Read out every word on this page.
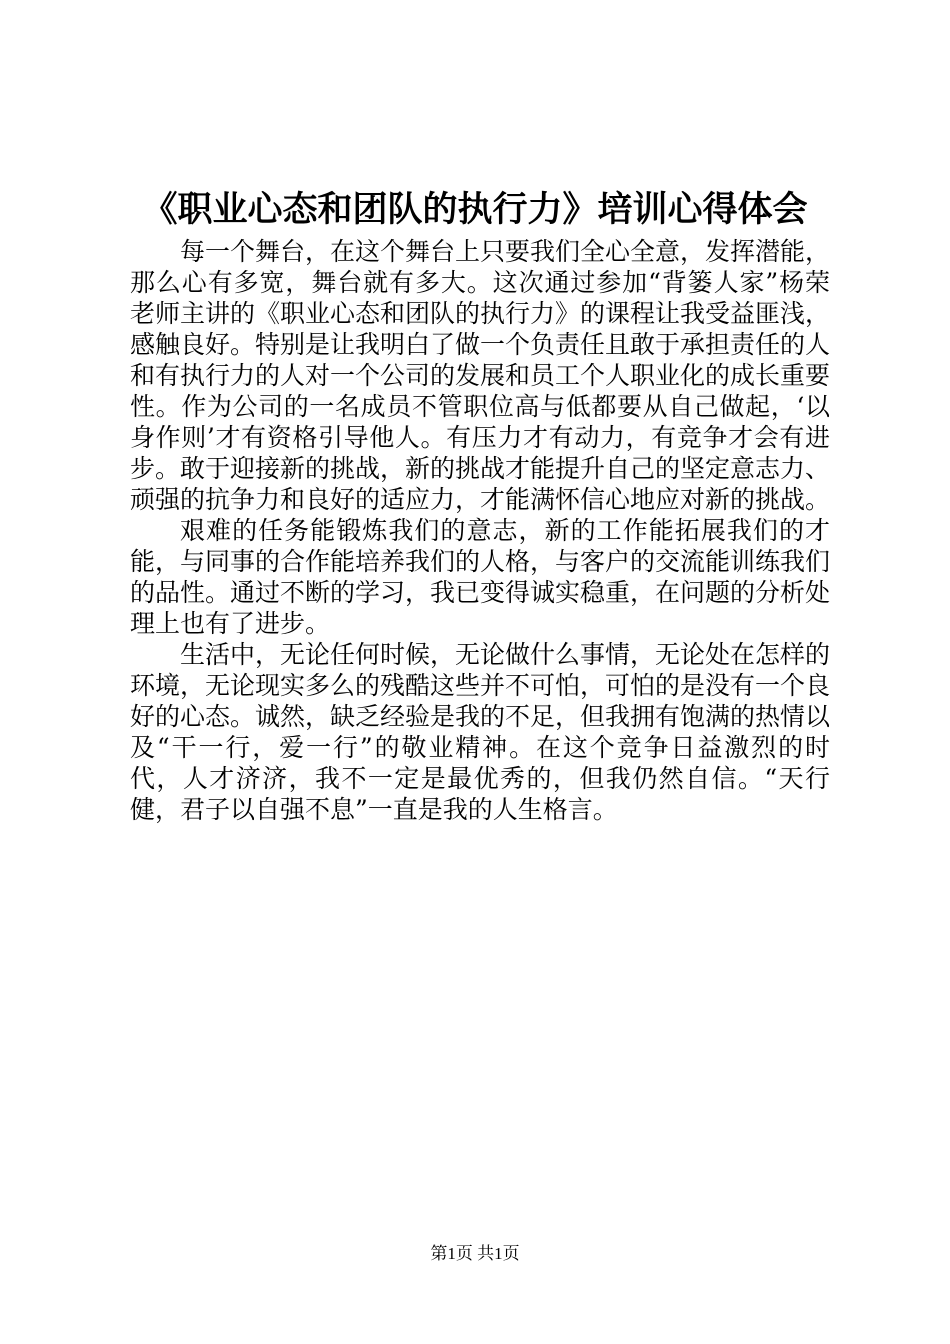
《职业心态和团队的执行力》培训心得体会

每一个舞台，在这个舞台上只要我们全心全意，发挥潜能，那么心有多宽，舞台就有多大。这次通过参加“背篓人家”杨荣老师主讲的《职业心态和团队的执行力》的课程让我受益匪浅，感触良好。特别是让我明白了做一个负责任且敢于承担责任的人和有执行力的人对一个公司的发展和员工个人职业化的成长重要性。作为公司的一名成员不管职位高与低都要从自己做起，‘以身作则’才有资格引导他人。有压力才有动力，有竞争才会有进步。敢于迎接新的挑战，新的挑战才能提升自己的坚定意志力、顽强的抗争力和良好的适应力，才能满怀信心地应对新的挑战。

艰难的任务能锻炼我们的意志，新的工作能拓展我们的才能，与同事的合作能培养我们的人格，与客户的交流能训练我们的品性。通过不断的学习，我已变得诚实稳重，在问题的分析处理上也有了进步。

生活中，无论任何时候，无论做什么事情，无论处在怎样的环境，无论现实多么的残酷这些并不可怕，可怕的是没有一个良好的心态。诚然，缺乏经验是我的不足，但我拥有饱满的热情以及“干一行，爱一行”的敬业精神。在这个竞争日益激烈的时代，人才济济，我不一定是最优秀的，但我仍然自信。“天行健，君子以自强不息”一直是我的人生格言。

第1页 共1页
